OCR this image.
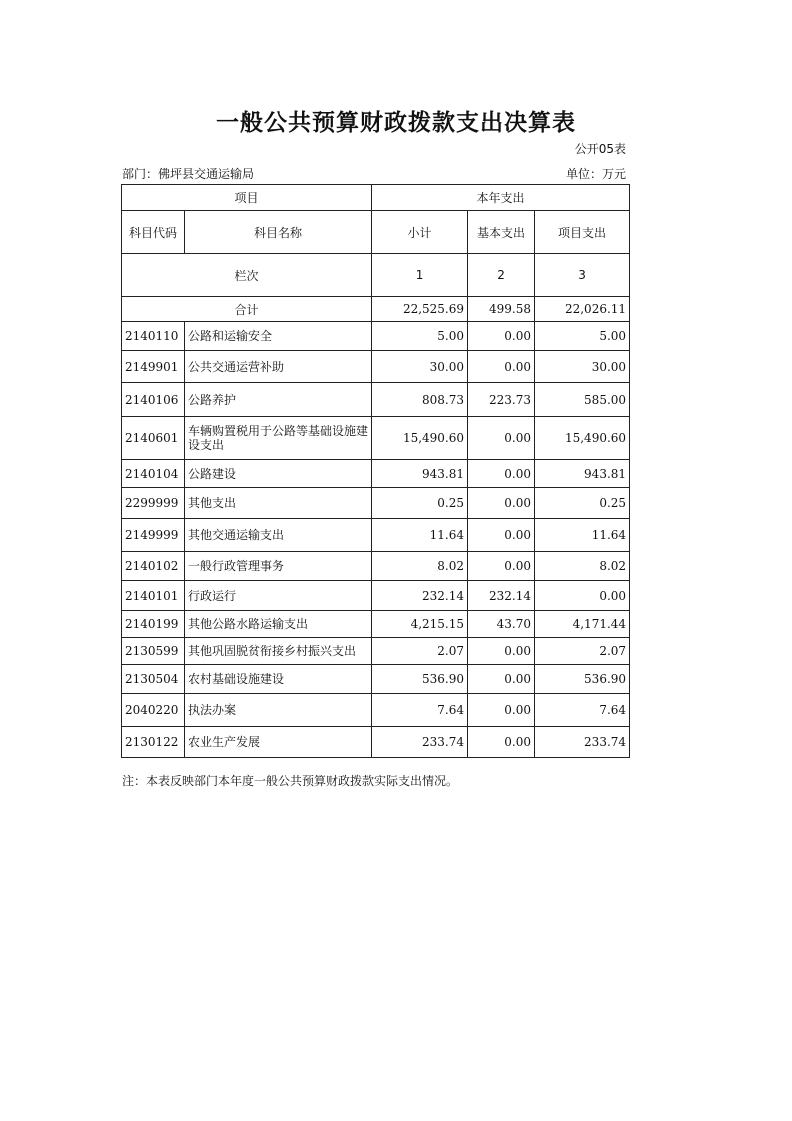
一般公共预算财政拨款支出决算表
公开05表
部门：佛坪县交通运输局	单位：万元
项目		本年支出		
科目代码	科目名称	小计	基本支出	项目支出
栏次		1	2	3
合计		22,525.69	499.58	22,026.11
2140110	公路和运输安全	5.00	0.00	5.00
2149901	公共交通运营补助	30.00	0.00	30.00
2140106	公路养护	808.73	223.73	585.00
2140601	车辆购置税用于公路等基础设施建设支出	15,490.60	0.00	15,490.60
2140104	公路建设	943.81	0.00	943.81
2299999	其他支出	0.25	0.00	0.25
2149999	其他交通运输支出	11.64	0.00	11.64
2140102	一般行政管理事务	8.02	0.00	8.02
2140101	行政运行	232.14	232.14	0.00
2140199	其他公路水路运输支出	4,215.15	43.70	4,171.44
2130599	其他巩固脱贫衔接乡村振兴支出	2.07	0.00	2.07
2130504	农村基础设施建设	536.90	0.00	536.90
2040220	执法办案	7.64	0.00	7.64
2130122	农业生产发展	233.74	0.00	233.74
注：本表反映部门本年度一般公共预算财政拨款实际支出情况。
